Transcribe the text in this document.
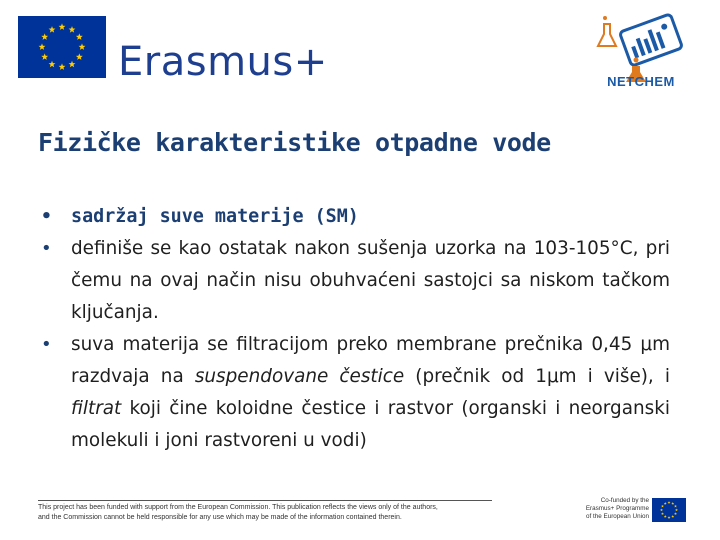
Erasmus+	NETCHEM
Fizičke karakteristike otpadne vode
• sadržaj suve materije (SM)
• definiše se kao ostatak nakon sušenja uzorka na 103-105°C, pri čemu na ovaj način nisu obuhvaćeni sastojci sa niskom tačkom ključanja.
• suva materija se filtracijom preko membrane prečnika 0,45 μm razdvaja na suspendovane čestice (prečnik od 1μm i više), i filtrat koji čine koloidne čestice i rastvor (organski i neorganski molekuli i joni rastvoreni u vodi)
This project has been funded with support from the European Commission. This publication reflects the views only of the authors,
and the Commission cannot be held responsible for any use which may be made of the information contained therein.
Co-funded by the
Erasmus+ Programme
of the European Union
